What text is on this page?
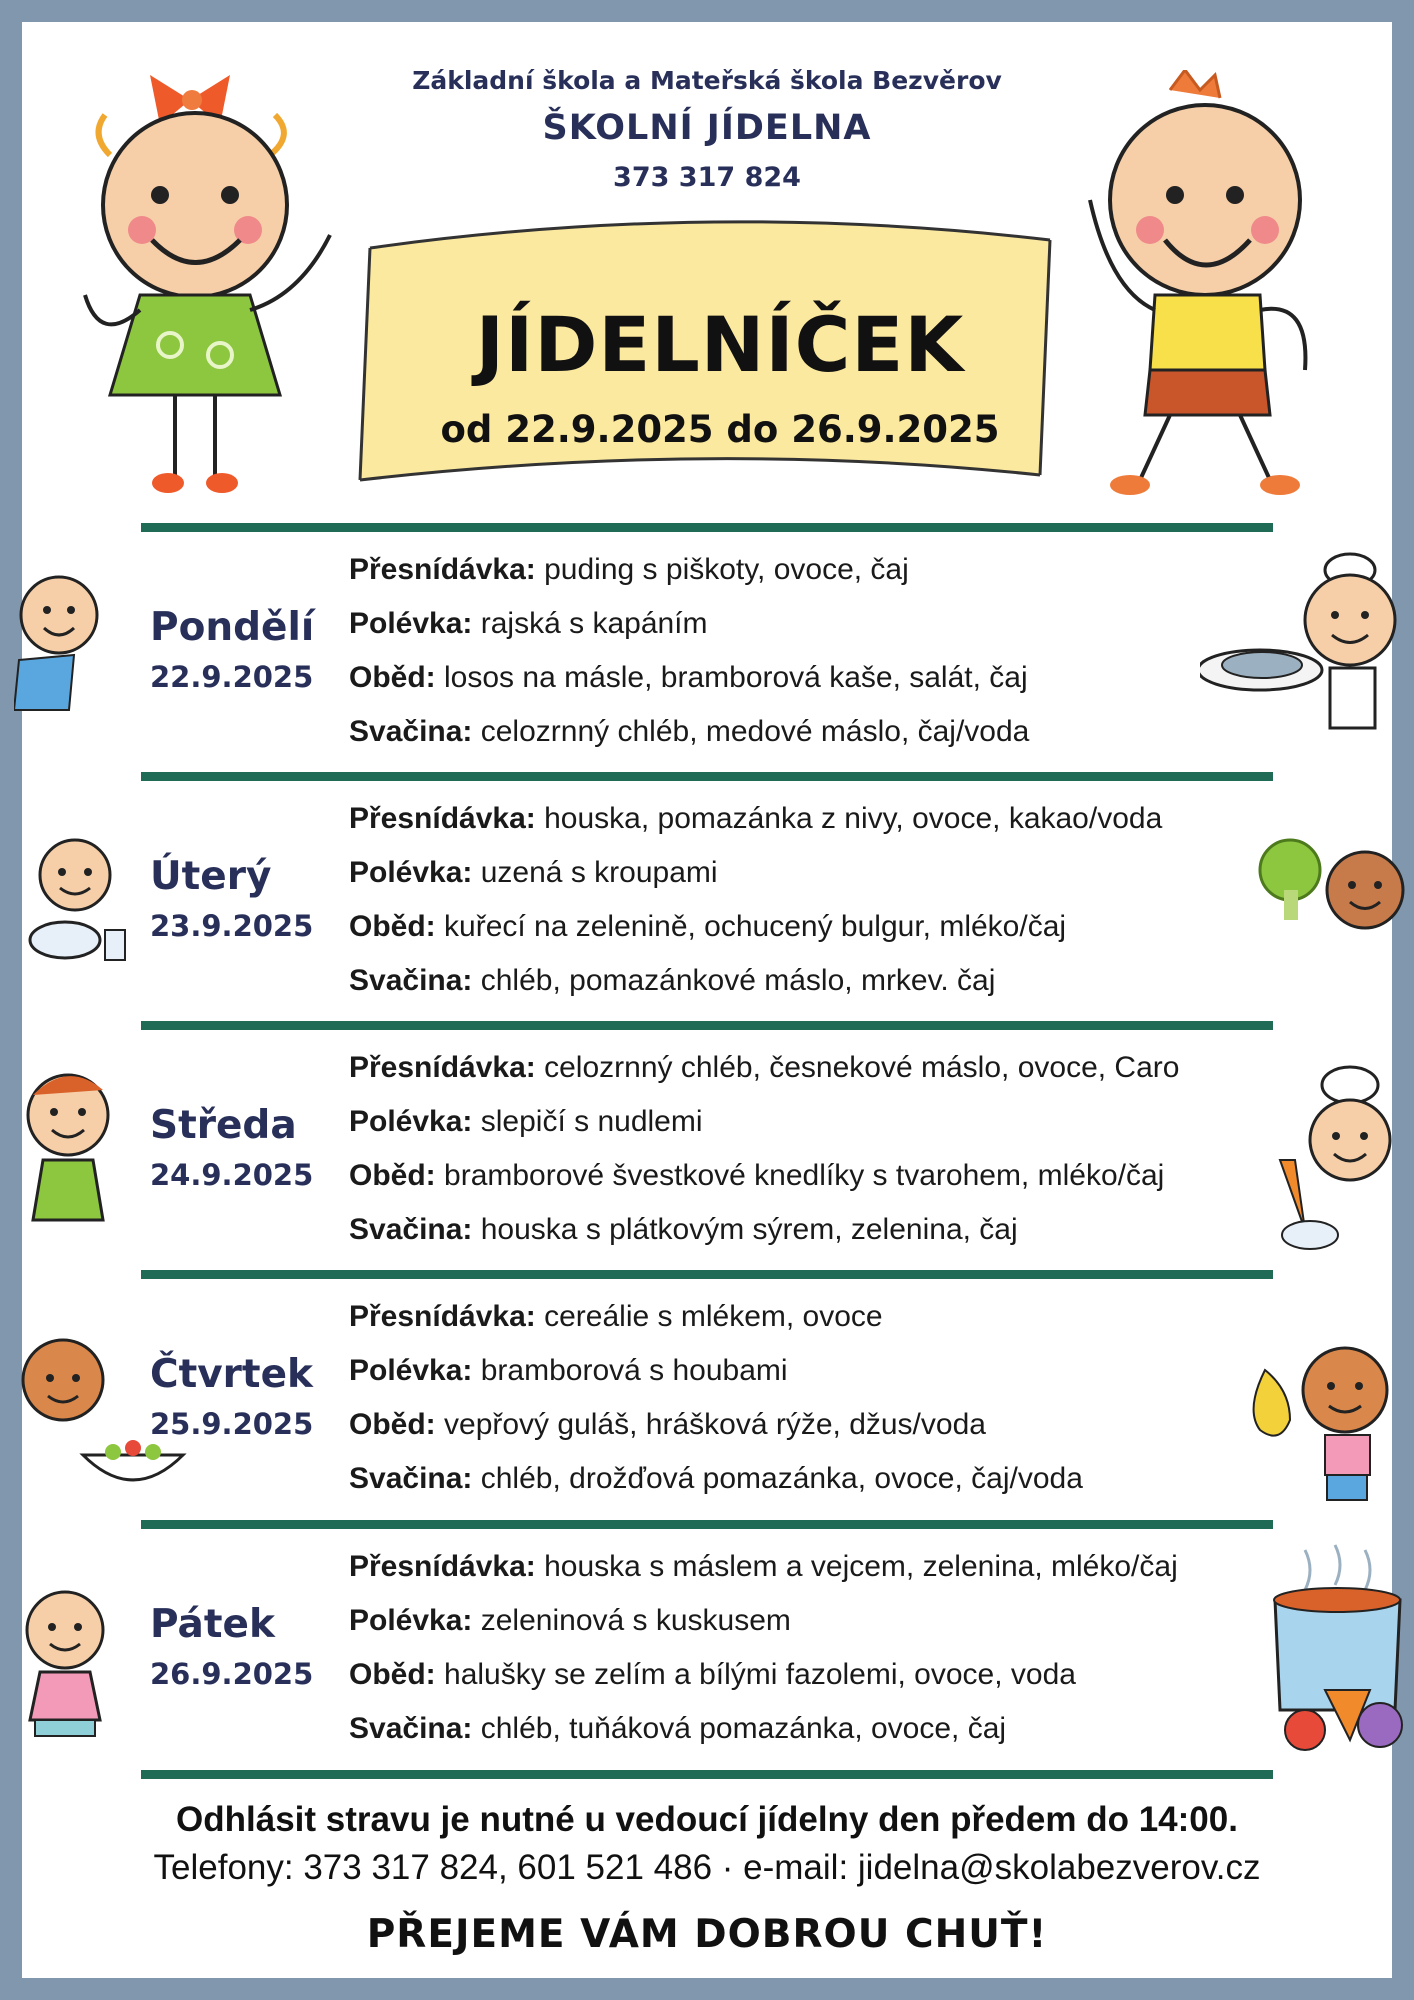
Základní škola a Mateřská škola Bezvěrov
ŠKOLNÍ JÍDELNA
373 317 824
JÍDELNÍČEK
od 22.9.2025 do 26.9.2025
Pondělí
22.9.2025
Přesnídávka: puding s piškoty, ovoce, čaj
Polévka: rajská s kapáním
Oběd: losos na másle, bramborová kaše, salát, čaj
Svačina: celozrnný chléb, medové máslo, čaj/voda
Úterý
23.9.2025
Přesnídávka: houska, pomazánka z nivy, ovoce, kakao/voda
Polévka: uzená s kroupami
Oběd: kuřecí na zelenině, ochucený bulgur, mléko/čaj
Svačina: chléb, pomazánkové máslo, mrkev. čaj
Středa
24.9.2025
Přesnídávka: celozrnný chléb, česnekové máslo, ovoce, Caro
Polévka: slepičí s nudlemi
Oběd: bramborové švestkové knedlíky s tvarohem, mléko/čaj
Svačina: houska s plátkovým sýrem, zelenina, čaj
Čtvrtek
25.9.2025
Přesnídávka: cereálie s mlékem, ovoce
Polévka: bramborová s houbami
Oběd: vepřový guláš, hrášková rýže, džus/voda
Svačina: chléb, drožďová pomazánka, ovoce, čaj/voda
Pátek
26.9.2025
Přesnídávka: houska s máslem a vejcem, zelenina, mléko/čaj
Polévka: zeleninová s kuskusem
Oběd: halušky se zelím a bílými fazolemi, ovoce, voda
Svačina: chléb, tuňáková pomazánka, ovoce, čaj
Odhlásit stravu je nutné u vedoucí jídelny den předem do 14:00.
Telefony: 373 317 824, 601 521 486 · e-mail: jidelna@skolabezverov.cz
PŘEJEME VÁM DOBROU CHUŤ!
